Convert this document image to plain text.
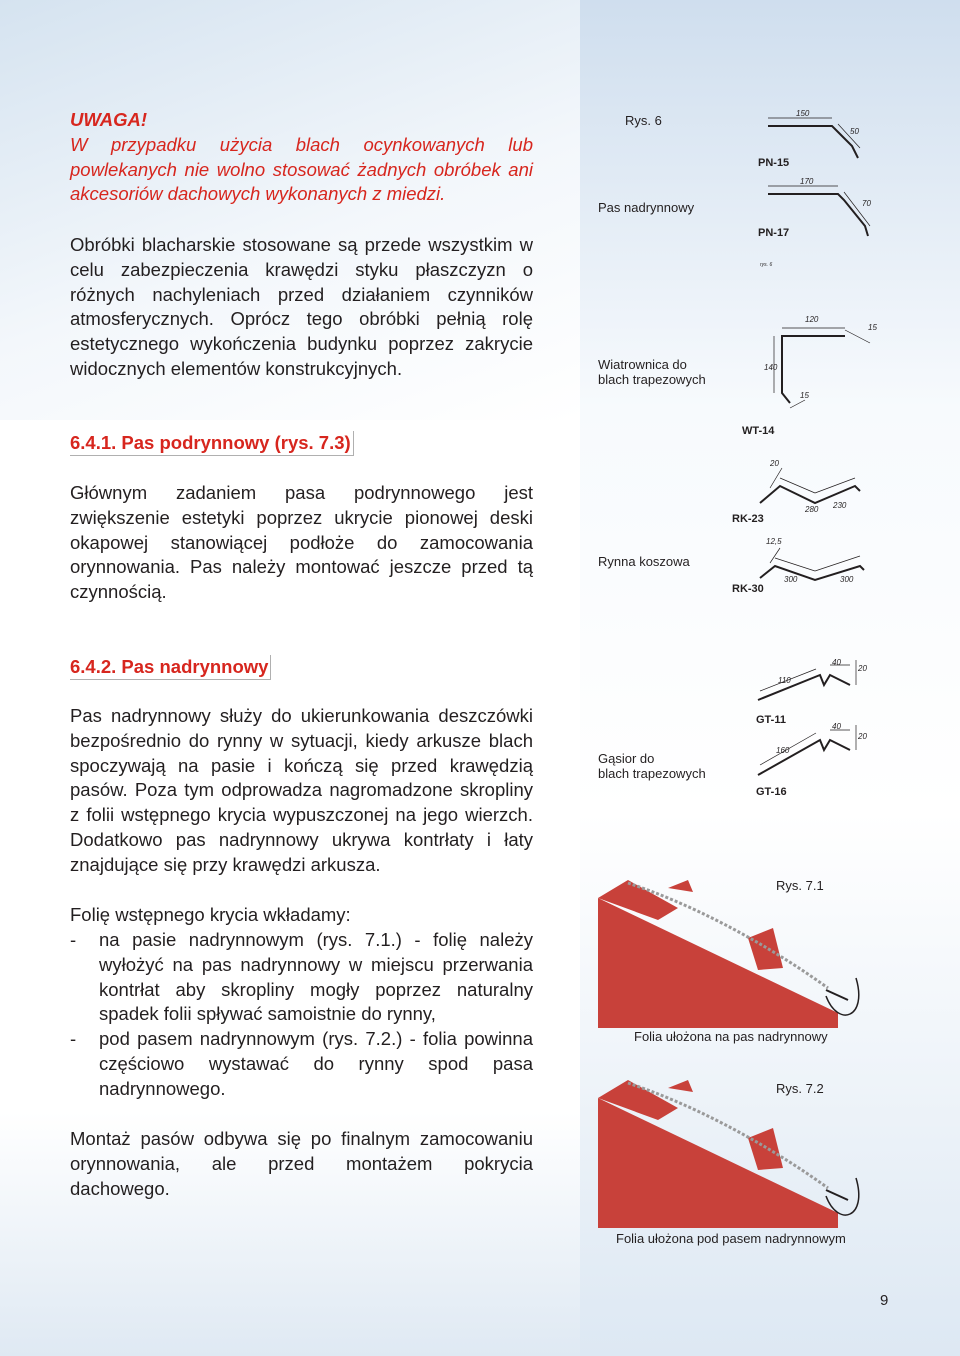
UWAGA!
W przypadku użycia blach ocynkowanych lub
powlekanych nie wolno stosować żadnych obróbek ani
akcesoriów dachowych wykonanych z miedzi.
Obróbki blacharskie stosowane są przede wszystkim w
celu zabezpieczenia krawędzi styku płaszczyzn o
różnych nachyleniach przed działaniem czynników
atmosferycznych. Oprócz tego obróbki pełnią rolę
estetycznego wykończenia budynku poprzez zakrycie
widocznych elementów konstrukcyjnych.
6.4.1. Pas podrynnowy (rys. 7.3)
Głównym zadaniem pasa podrynnowego jest
zwiększenie estetyki poprzez ukrycie pionowej deski
okapowej stanowiącej podłoże do zamocowania
orynnowania. Pas należy montować jeszcze przed tą
czynnością.
6.4.2. Pas nadrynnowy
Pas nadrynnowy służy do ukierunkowania deszczówki
bezpośrednio do rynny w sytuacji, kiedy arkusze blach
spoczywają na pasie i kończą się przed krawędzią
pasów. Poza tym odprowadza nagromadzone skropliny
z folii wstępnego krycia wypuszczonej na jego wierzch.
Dodatkowo pas nadrynnowy ukrywa kontrłaty i łaty
znajdujące się przy krawędzi arkusza.
Folię wstępnego krycia wkładamy:
-	na pasie nadrynnowym (rys. 7.1.) - folię należy
wyłożyć na pas nadrynnowy w miejscu przerwania
kontrłat aby skropliny mogły poprzez naturalny
spadek folii spływać samoistnie do rynny,
-	pod pasem nadrynnowym (rys. 7.2.) - folia powinna
częściowo wystawać do rynny spod pasa
nadrynnowego.
Montaż pasów odbywa się po finalnym zamocowaniu
orynnowania, ale przed montażem pokrycia
dachowego.
Rys. 6
Pas nadrynnowy
Wiatrownica do
blach trapezowych
Rynna koszowa
Gąsior do
blach trapezowych
150
50
PN-15
170
70
PN-17
rys. 6
120
15
140
15
WT-14
20
280 230
RK-23
12,5
300	300
RK-30
110
40
20
GT-11
160
40
20
GT-16
Rys. 7.1
Folia ułożona na pas nadrynnowy
Rys. 7.2
Folia ułożona pod pasem nadrynnowym
9
